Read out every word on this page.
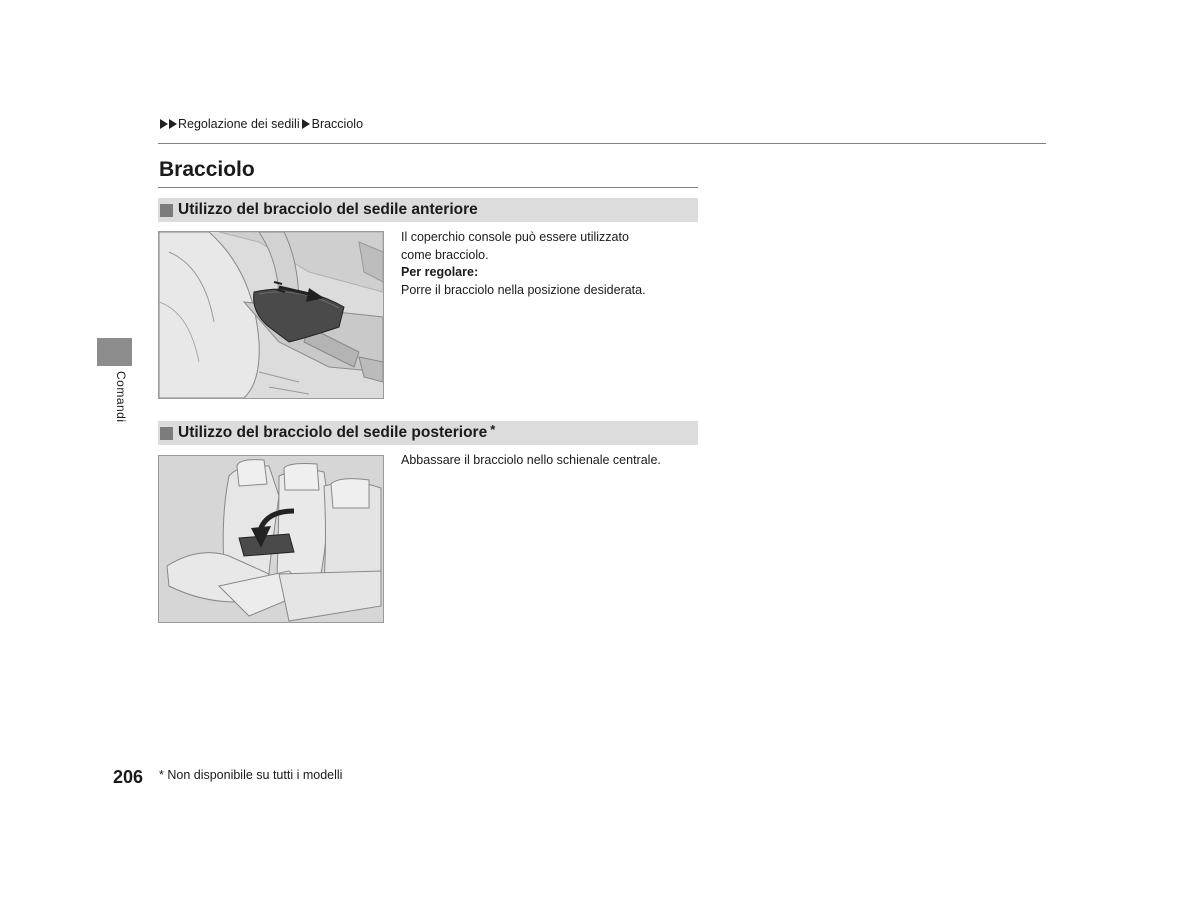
Regolazione dei sedili Bracciolo
Bracciolo
Utilizzo del bracciolo del sedile anteriore

Il coperchio console può essere utilizzato

come bracciolo.

Per regolare:

Porre il bracciolo nella posizione desiderata.

Utilizzo del bracciolo del sedile posteriore *

Abbassare il bracciolo nello schienale centrale.

Comandi
206 * Non disponibile su tutti i modelli
